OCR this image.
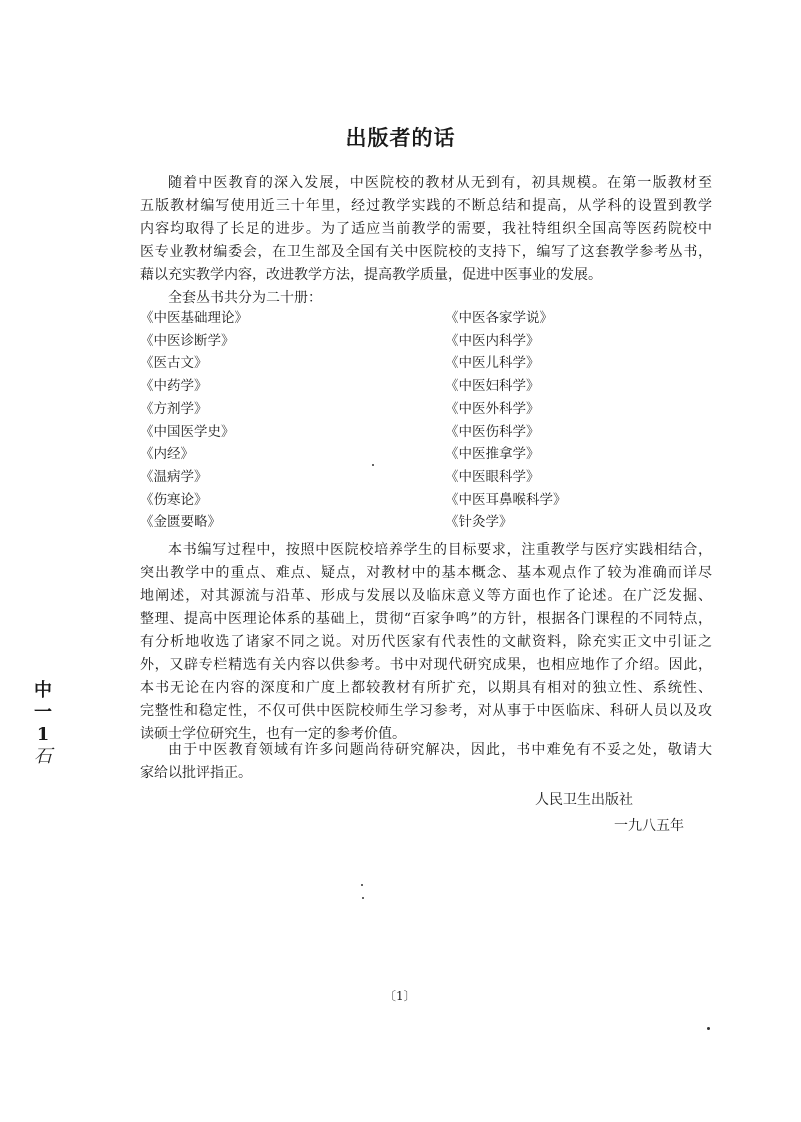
出版者的话
随着中医教育的深入发展，中医院校的教材从无到有，初具规模。在第一版教材至
五版教材编写使用近三十年里，经过教学实践的不断总结和提高，从学科的设置到教学
内容均取得了长足的进步。为了适应当前教学的需要，我社特组织全国高等医药院校中
医专业教材编委会，在卫生部及全国有关中医院校的支持下，编写了这套教学参考丛书，
藉以充实教学内容，改进教学方法，提高教学质量，促进中医事业的发展。
全套丛书共分为二十册：
《中医基础理论》
《中医诊断学》
《医古文》
《中药学》
《方剂学》
《中国医学史》
《内经》
《温病学》
《伤寒论》
《金匮要略》
《中医各家学说》
《中医内科学》
《中医儿科学》
《中医妇科学》
《中医外科学》
《中医伤科学》
《中医推拿学》
《中医眼科学》
《中医耳鼻喉科学》
《针灸学》
本书编写过程中，按照中医院校培养学生的目标要求，注重教学与医疗实践相结合，
突出教学中的重点、难点、疑点，对教材中的基本概念、基本观点作了较为准确而详尽
地阐述，对其源流与沿革、形成与发展以及临床意义等方面也作了论述。在广泛发掘、
整理、提高中医理论体系的基础上，贯彻“百家争鸣”的方针，根据各门课程的不同特点，
有分析地收选了诸家不同之说。对历代医家有代表性的文献资料，除充实正文中引证之
外，又辟专栏精选有关内容以供参考。书中对现代研究成果，也相应地作了介绍。因此，
本书无论在内容的深度和广度上都较教材有所扩充，以期具有相对的独立性、系统性、
完整性和稳定性，不仅可供中医院校师生学习参考，对从事于中医临床、科研人员以及攻
读硕士学位研究生，也有一定的参考价值。
由于中医教育领域有许多问题尚待研究解决，因此，书中难免有不妥之处，敬请大
家给以批评指正。
人民卫生出版社
一九八五年
中
一
1
石
〔1〕
